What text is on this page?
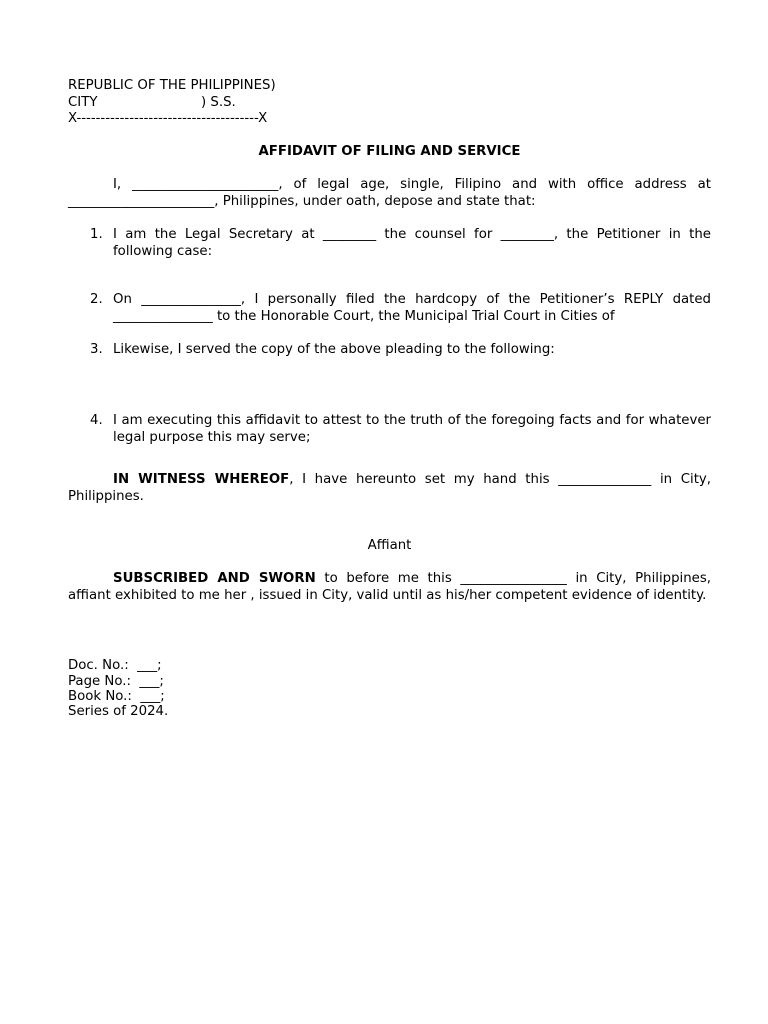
REPUBLIC OF THE PHILIPPINES)
CITY	) S.S.
X--------------------------------------X
AFFIDAVIT OF FILING AND SERVICE
I, ______________________, of legal age, single, Filipino and with office address at ______________________, Philippines, under oath, depose and state that:
1. I am the Legal Secretary at ________ the counsel for ________, the Petitioner in the following case:
2. On _______________, I personally filed the hardcopy of the Petitioner’s REPLY dated _______________ to the Honorable Court, the Municipal Trial Court in Cities of
3. Likewise, I served the copy of the above pleading to the following:
4. I am executing this affidavit to attest to the truth of the foregoing facts and for whatever legal purpose this may serve;
IN WITNESS WHEREOF, I have hereunto set my hand this ______________ in City, Philippines.
Affiant
SUBSCRIBED AND SWORN to before me this ________________ in City, Philippines, affiant exhibited to me her , issued in City, valid until as his/her competent evidence of identity.
Doc. No.:  ___;
Page No.:  ___;
Book No.:  ___;
Series of 2024.
